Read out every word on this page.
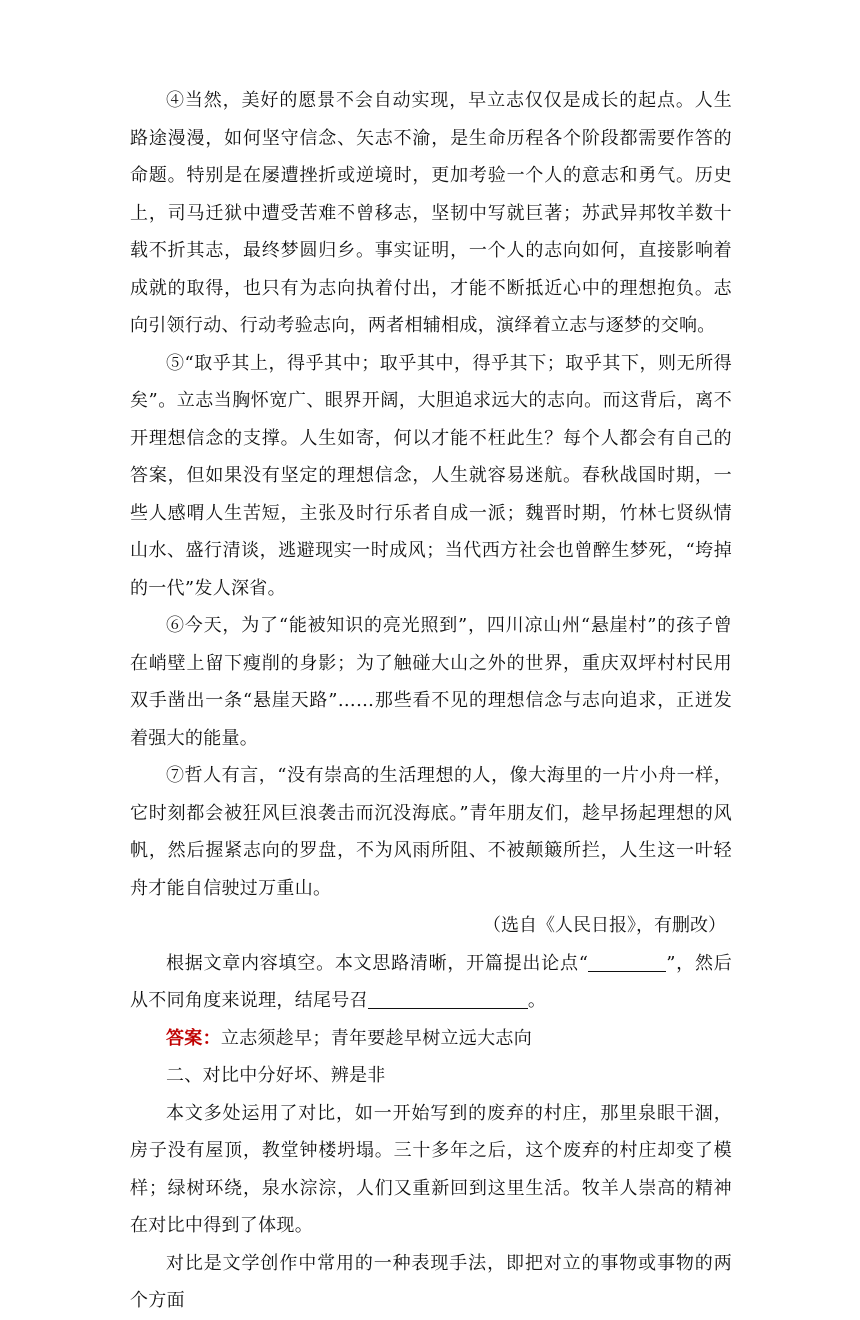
④当然，美好的愿景不会自动实现，早立志仅仅是成长的起点。人生路途漫漫，如何坚守信念、矢志不渝，是生命历程各个阶段都需要作答的命题。特别是在屡遭挫折或逆境时，更加考验一个人的意志和勇气。历史上，司马迁狱中遭受苦难不曾移志，坚韧中写就巨著；苏武异邦牧羊数十载不折其志，最终梦圆归乡。事实证明，一个人的志向如何，直接影响着成就的取得，也只有为志向执着付出，才能不断抵近心中的理想抱负。志向引领行动、行动考验志向，两者相辅相成，演绎着立志与逐梦的交响。

⑤“取乎其上，得乎其中；取乎其中，得乎其下；取乎其下，则无所得矣”。立志当胸怀宽广、眼界开阔，大胆追求远大的志向。而这背后，离不开理想信念的支撑。人生如寄，何以才能不枉此生？每个人都会有自己的答案，但如果没有坚定的理想信念，人生就容易迷航。春秋战国时期，一些人感喟人生苦短，主张及时行乐者自成一派；魏晋时期，竹林七贤纵情山水、盛行清谈，逃避现实一时成风；当代西方社会也曾醉生梦死，“垮掉的一代”发人深省。

⑥今天，为了“能被知识的亮光照到”，四川凉山州“悬崖村”的孩子曾在峭壁上留下瘦削的身影；为了触碰大山之外的世界，重庆双坪村村民用双手凿出一条“悬崖天路”……那些看不见的理想信念与志向追求，正迸发着强大的能量。

⑦哲人有言，“没有崇高的生活理想的人，像大海里的一片小舟一样，它时刻都会被狂风巨浪袭击而沉没海底。”青年朋友们，趁早扬起理想的风帆，然后握紧志向的罗盘，不为风雨所阻、不被颠簸所拦，人生这一叶轻舟才能自信驶过万重山。

（选自《人民日报》，有删改）

根据文章内容填空。本文思路清晰，开篇提出论点“	”，然后从不同角度来说理，结尾号召	。

答案：立志须趁早；青年要趁早树立远大志向

二、对比中分好坏、辨是非

本文多处运用了对比，如一开始写到的废弃的村庄，那里泉眼干涸，房子没有屋顶，教堂钟楼坍塌。三十多年之后，这个废弃的村庄却变了模样；绿树环绕，泉水淙淙，人们又重新回到这里生活。牧羊人崇高的精神在对比中得到了体现。

对比是文学创作中常用的一种表现手法，即把对立的事物或事物的两个方面
